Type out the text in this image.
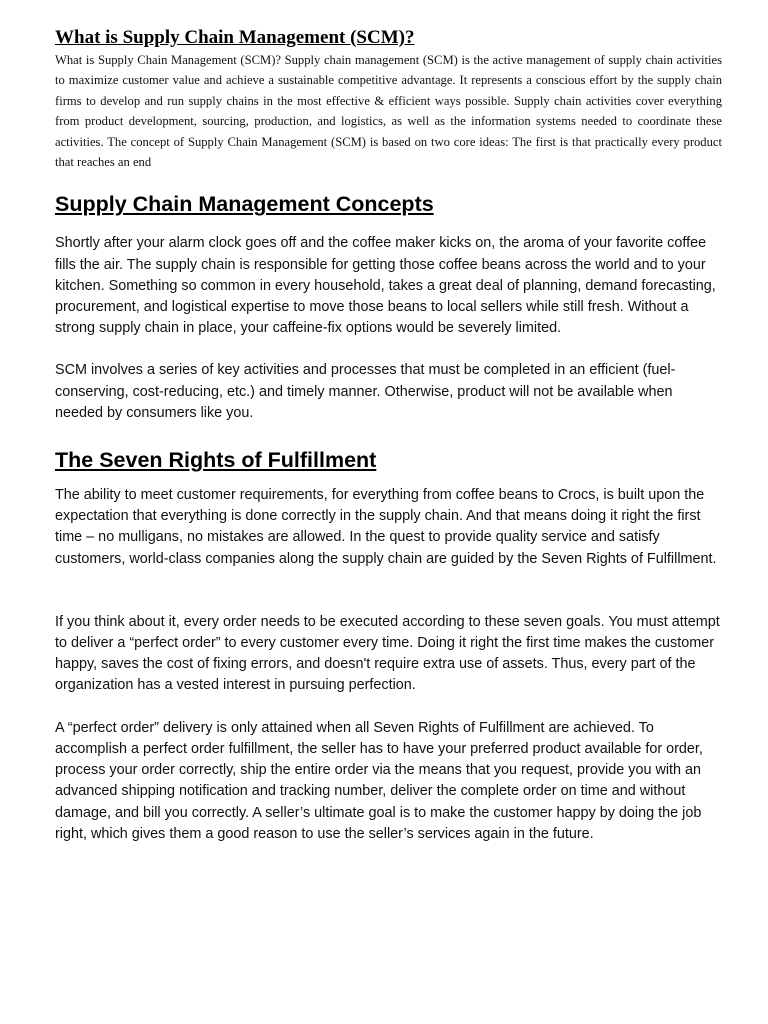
What is Supply Chain Management (SCM)?

What is Supply Chain Management (SCM)? Supply chain management (SCM) is the active management of supply chain activities to maximize customer value and achieve a sustainable competitive advantage. It represents a conscious effort by the supply chain firms to develop and run supply chains in the most effective & efficient ways possible. Supply chain activities cover everything from product development, sourcing, production, and logistics, as well as the information systems needed to coordinate these activities. The concept of Supply Chain Management (SCM) is based on two core ideas: The first is that practically every product that reaches an end

Supply Chain Management Concepts

Shortly after your alarm clock goes off and the coffee maker kicks on, the aroma of your favorite coffee fills the air. The supply chain is responsible for getting those coffee beans across the world and to your kitchen. Something so common in every household, takes a great deal of planning, demand forecasting, procurement, and logistical expertise to move those beans to local sellers while still fresh. Without a strong supply chain in place, your caffeine-fix options would be severely limited.

SCM involves a series of key activities and processes that must be completed in an efficient (fuel-conserving, cost-reducing, etc.) and timely manner. Otherwise, product will not be available when needed by consumers like you.

The Seven Rights of Fulfillment

The ability to meet customer requirements, for everything from coffee beans to Crocs, is built upon the expectation that everything is done correctly in the supply chain. And that means doing it right the first time – no mulligans, no mistakes are allowed. In the quest to provide quality service and satisfy customers, world-class companies along the supply chain are guided by the Seven Rights of Fulfillment.

If you think about it, every order needs to be executed according to these seven goals. You must attempt to deliver a “perfect order” to every customer every time. Doing it right the first time makes the customer happy, saves the cost of fixing errors, and doesn't require extra use of assets. Thus, every part of the organization has a vested interest in pursuing perfection.

A “perfect order” delivery is only attained when all Seven Rights of Fulfillment are achieved. To accomplish a perfect order fulfillment, the seller has to have your preferred product available for order, process your order correctly, ship the entire order via the means that you request, provide you with an advanced shipping notification and tracking number, deliver the complete order on time and without damage, and bill you correctly. A seller’s ultimate goal is to make the customer happy by doing the job right, which gives them a good reason to use the seller’s services again in the future.
